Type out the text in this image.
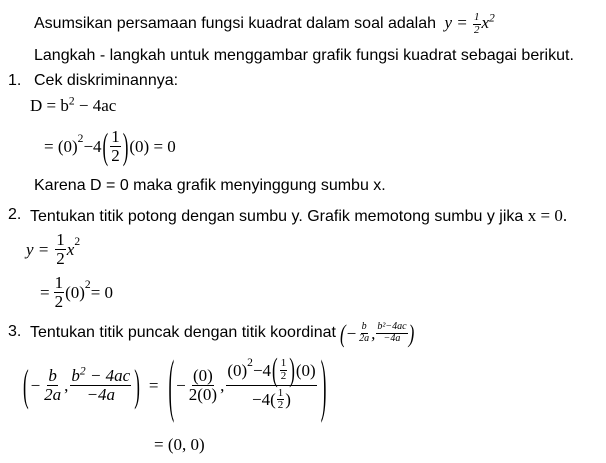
Asumsikan persamaan fungsi kuadrat dalam soal adalah $y = \frac{1}{2} x^2$
Langkah - langkah untuk menggambar grafik fungsi kuadrat sebagai berikut.
1. Cek diskriminannya:
$D = b^2 - 4ac$
= $(0)^2 -4$ ( $\frac{1}{2}$ ) (0) = 0
Karena D = 0 maka grafik menyinggung sumbu x.
2. Tentukan titik potong dengan sumbu y. Grafik memotong sumbu y jika x = 0.
$y = \frac{1}{2} x^2$
= $\frac{1}{2} (0)^2 = 0$
3. Tentukan titik puncak dengan titik koordinat ( − $\frac{b}{2a}$ , $\frac{\text{b²−4ac}}{-4a}$ )
( − $\frac{b}{2a}$ , $\frac{b^2 - 4ac}{-4a}$ ) = ( − $\frac{(0)}{2(0)}$ , $\frac{(0)^2 -4 ( \frac{1}{2} ) (0)}{-4( \frac{1}{2} )}$ )
= (0, 0)
